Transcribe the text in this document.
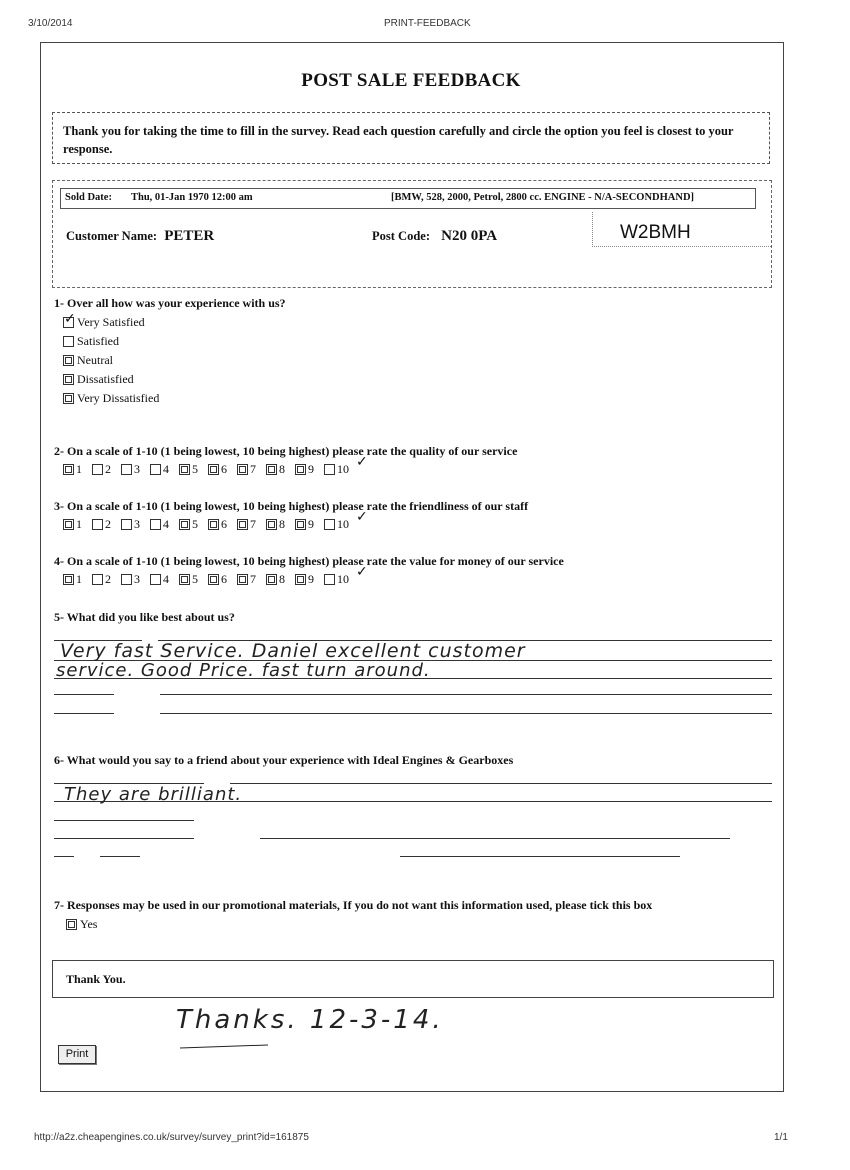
3/10/2014	PRINT-FEEDBACK
POST SALE FEEDBACK
Thank you for taking the time to fill in the survey. Read each question carefully and circle the option you feel is closest to your response.
Sold Date: Thu, 01-Jan 1970 12:00 am	[BMW, 528, 2000, Petrol, 2800 cc. ENGINE - N/A-SECONDHAND]
Customer Name: PETER	Post Code: N20 0PA	W2BMH
1- Over all how was your experience with us?
Very Satisfied
✓
Satisfied
Neutral
Dissatisfied
Very Dissatisfied
2- On a scale of 1-10 (1 being lowest, 10 being highest) please rate the quality of our service
1 2 3 4 5 6 7 8 9 10 ✓
3- On a scale of 1-10 (1 being lowest, 10 being highest) please rate the friendliness of our staff
1 2 3 4 5 6 7 8 9 10 ✓
4- On a scale of 1-10 (1 being lowest, 10 being highest) please rate the value for money of our service
1 2 3 4 5 6 7 8 9 10 ✓
5- What did you like best about us?
Very fast Service. Daniel excellent customer
service. Good Price. fast turn around.
6- What would you say to a friend about your experience with Ideal Engines & Gearboxes
They are brilliant.
7- Responses may be used in our promotional materials, If you do not want this information used, please tick this box
Yes
Thank You.
Thanks. 12-3-14.
Print
http://a2z.cheapengines.co.uk/survey/survey_print?id=161875	1/1
